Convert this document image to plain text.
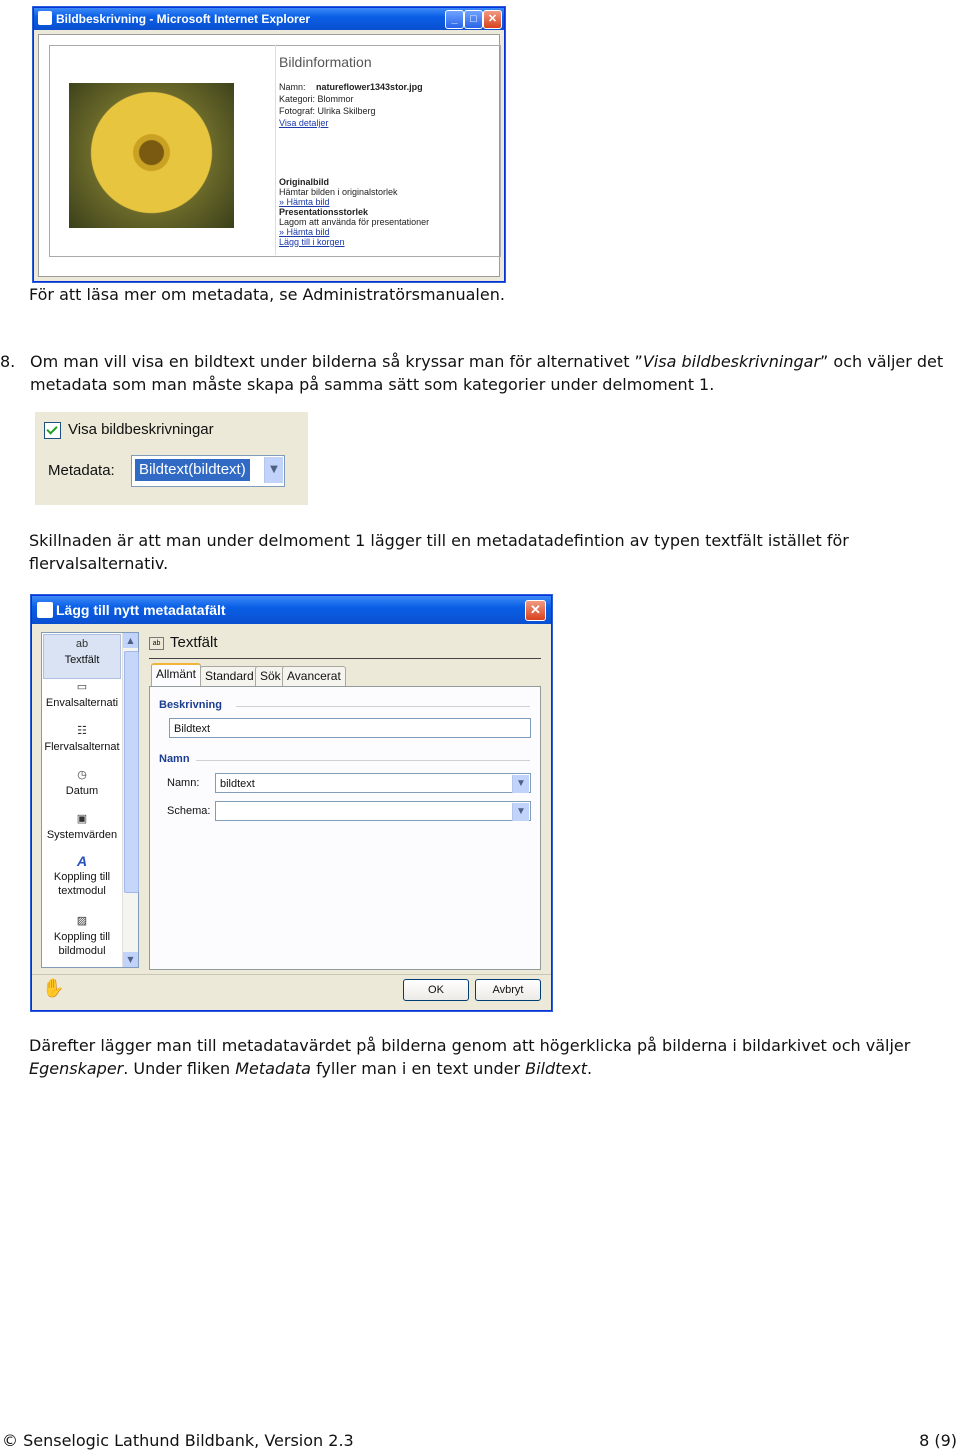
Bildbeskrivning - Microsoft Internet Explorer	_	□	✕
Bildinformation
Namn: natureflower1343stor.jpg
Kategori: Blommor
Fotograf: Ulrika Skilberg
Visa detaljer
Originalbild
Hämtar bilden i originalstorlek
» Hämta bild
Presentationsstorlek
Lagom att använda för presentationer
» Hämta bild
Lägg till i korgen
För att läsa mer om metadata, se Administratörsmanualen.
8. Om man vill visa en bildtext under bilderna så kryssar man för alternativet ”Visa bildbeskrivningar” och väljer det
metadata som man måste skapa på samma sätt som kategorier under delmoment 1.
Visa bildbeskrivningar
Metadata: Bildtext(bildtext)	▼
Skillnaden är att man under delmoment 1 lägger till en metadatadefintion av typen textfält istället för
flervalsalternativ.
Lägg till nytt metadatafält	✕
ab
Textfält
▭
Envalsalternati
☷
Flervalsalternat
◷
Datum
▣
Systemvärden
A
Koppling till textmodul
▨
Koppling till bildmodul
▲
▼
ab Textfält
Allmänt Standard Sök Avancerat
Beskrivning
Bildtext
Namn
Namn:	bildtext	▼
Schema:	▼
✋	OK	Avbryt
Därefter lägger man till metadatavärdet på bilderna genom att högerklicka på bilderna i bildarkivet och väljer
Egenskaper. Under fliken Metadata fyller man i en text under Bildtext.
© Senselogic Lathund Bildbank, Version 2.3	8 (9)
